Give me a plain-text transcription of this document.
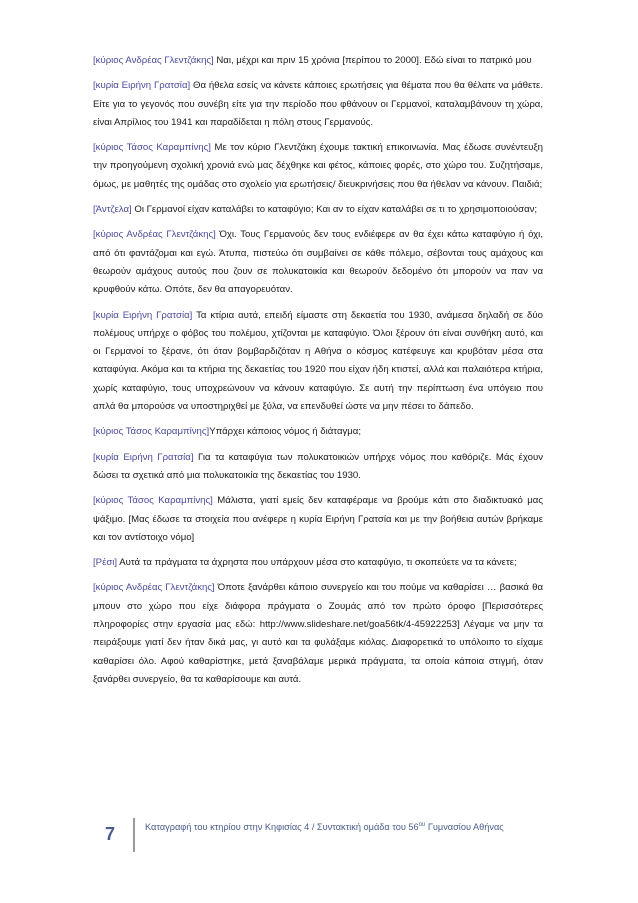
[κύριος Ανδρέας Γλεντζάκης] Ναι, μέχρι και πριν 15 χρόνια [περίπου το 2000]. Εδώ είναι το πατρικό μου

[κυρία Ειρήνη Γρατσία] Θα ήθελα εσείς να κάνετε κάποιες ερωτήσεις για θέματα που θα θέλατε να μάθετε. Είτε για το γεγονός που συνέβη είτε για την περίοδο που φθάνουν οι Γερμανοί, καταλαμβάνουν τη χώρα, είναι Απρίλιος του 1941 και παραδίδεται η πόλη στους Γερμανούς.

[κύριος Τάσος Καραμπίνης] Με τον κύριο Γλεντζάκη έχουμε τακτική επικοινωνία. Μας έδωσε συνέντευξη την προηγούμενη σχολική χρονιά ενώ μας δέχθηκε και φέτος, κάποιες φορές, στο χώρο του. Συζητήσαμε, όμως, με μαθητές της ομάδας στο σχολείο για ερωτήσεις/ διευκρινήσεις που θα ήθελαν να κάνουν. Παιδιά;

[Άντζελα] Οι Γερμανοί είχαν καταλάβει το καταφύγιο; Και αν το είχαν καταλάβει σε τι το χρησιμοποιούσαν;

[κύριος Ανδρέας Γλεντζάκης] Όχι. Τους Γερμανούς δεν τους ενδιέφερε αν θα έχει κάτω καταφύγιο ή όχι, από ότι φαντάζομαι και εγώ. Άτυπα, πιστεύω ότι συμβαίνει σε κάθε πόλεμο, σέβονται τους αμάχους και θεωρούν αμάχους αυτούς που ζουν σε πολυκατοικία και θεωρούν δεδομένο ότι μπορούν να παν να κρυφθούν κάτω. Οπότε, δεν θα απαγορευόταν.

[κυρία Ειρήνη Γρατσία] Τα κτίρια αυτά, επειδή είμαστε στη δεκαετία του 1930, ανάμεσα δηλαδή σε δύο πολέμους υπήρχε ο φόβος του πολέμου, χτίζονται με καταφύγιο. Όλοι ξέρουν ότι είναι συνθήκη αυτό, και οι Γερμανοί το ξέρανε, ότι όταν βομβαρδιζόταν η Αθήνα ο κόσμος κατέφευγε και κρυβόταν μέσα στα καταφύγια. Ακόμα και τα κτήρια της δεκαετίας του 1920 που είχαν ήδη κτιστεί, αλλά και παλαιότερα κτήρια, χωρίς καταφύγιο, τους υποχρεώνουν να κάνουν καταφύγιο. Σε αυτή την περίπτωση ένα υπόγειο που απλά θα μπορούσε να υποστηριχθεί με ξύλα, να επενδυθεί ώστε να μην πέσει το δάπεδο.

[κύριος Τάσος Καραμπίνης]Υπάρχει κάποιος νόμος ή διάταγμα;

[κυρία Ειρήνη Γρατσία] Για τα καταφύγια των πολυκατοικιών υπήρχε νόμος που καθόριζε. Μάς έχουν δώσει τα σχετικά από μια πολυκατοικία της δεκαετίας του 1930.

[κύριος Τάσος Καραμπίνης] Μάλιστα, γιατί εμείς δεν καταφέραμε να βρούμε κάτι στο διαδικτυακό μας ψάξιμο. [Μας έδωσε τα στοιχεία που ανέφερε η κυρία Ειρήνη Γρατσία και με την βοήθεια αυτών βρήκαμε και τον αντίστοιχο νόμο]

[Ρέσι] Αυτά τα πράγματα τα άχρηστα που υπάρχουν μέσα στο καταφύγιο, τι σκοπεύετε να τα κάνετε;

[κύριος Ανδρέας Γλεντζάκης] Όποτε ξανάρθει κάποιο συνεργείο και του πούμε να καθαρίσει … βασικά θα μπουν στο χώρο που είχε διάφορα πράγματα ο Ζουμάς από τον πρώτο όροφο [Περισσότερες πληροφορίες στην εργασία μας εδώ: http://www.slideshare.net/goa56tk/4-45922253] Λέγαμε να μην τα πειράξουμε γιατί δεν ήταν δικά μας, γι αυτό και τα φυλάξαμε κιόλας. Διαφορετικά το υπόλοιπο το είχαμε καθαρίσει όλο. Αφού καθαρίστηκε, μετά ξαναβάλαμε μερικά πράγματα, τα οποία κάποια στιγμή, όταν ξανάρθει συνεργείο, θα τα καθαρίσουμε και αυτά.

7	Καταγραφή του κτηρίου στην Κηφισίας 4 / Συντακτική ομάδα του $56^{o\upsilon}$ Γυμνασίου Αθήνας
